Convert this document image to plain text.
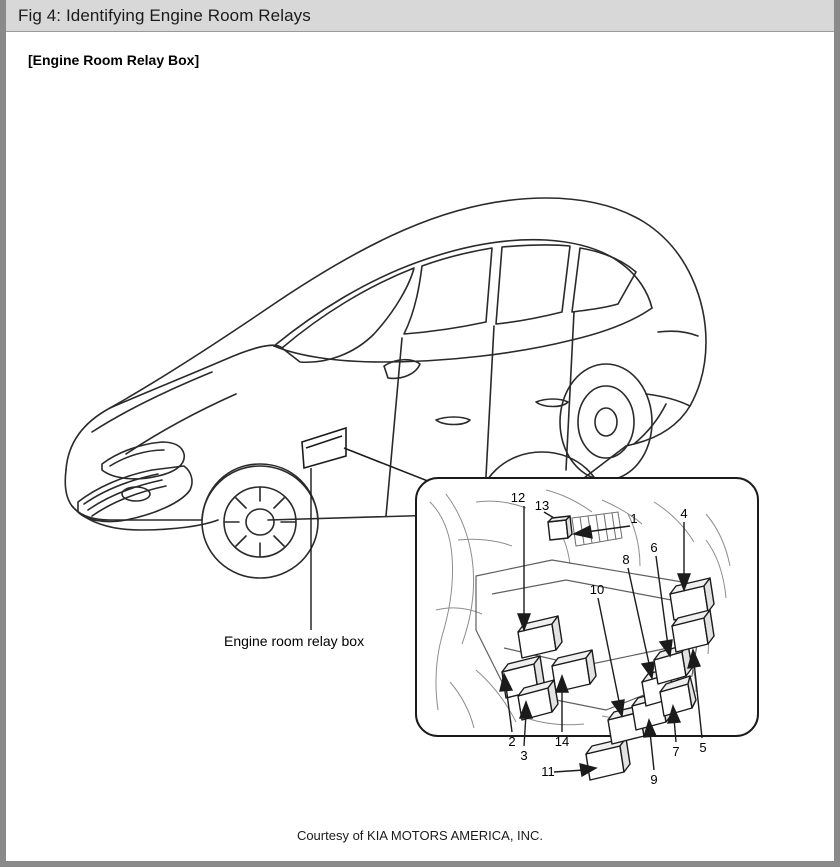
Fig 4: Identifying Engine Room Relays
[Engine Room Relay Box]
Engine room relay box
12
13
1	4
6
8
10
2
3
14
11
9
7 5
Courtesy of KIA MOTORS AMERICA, INC.
